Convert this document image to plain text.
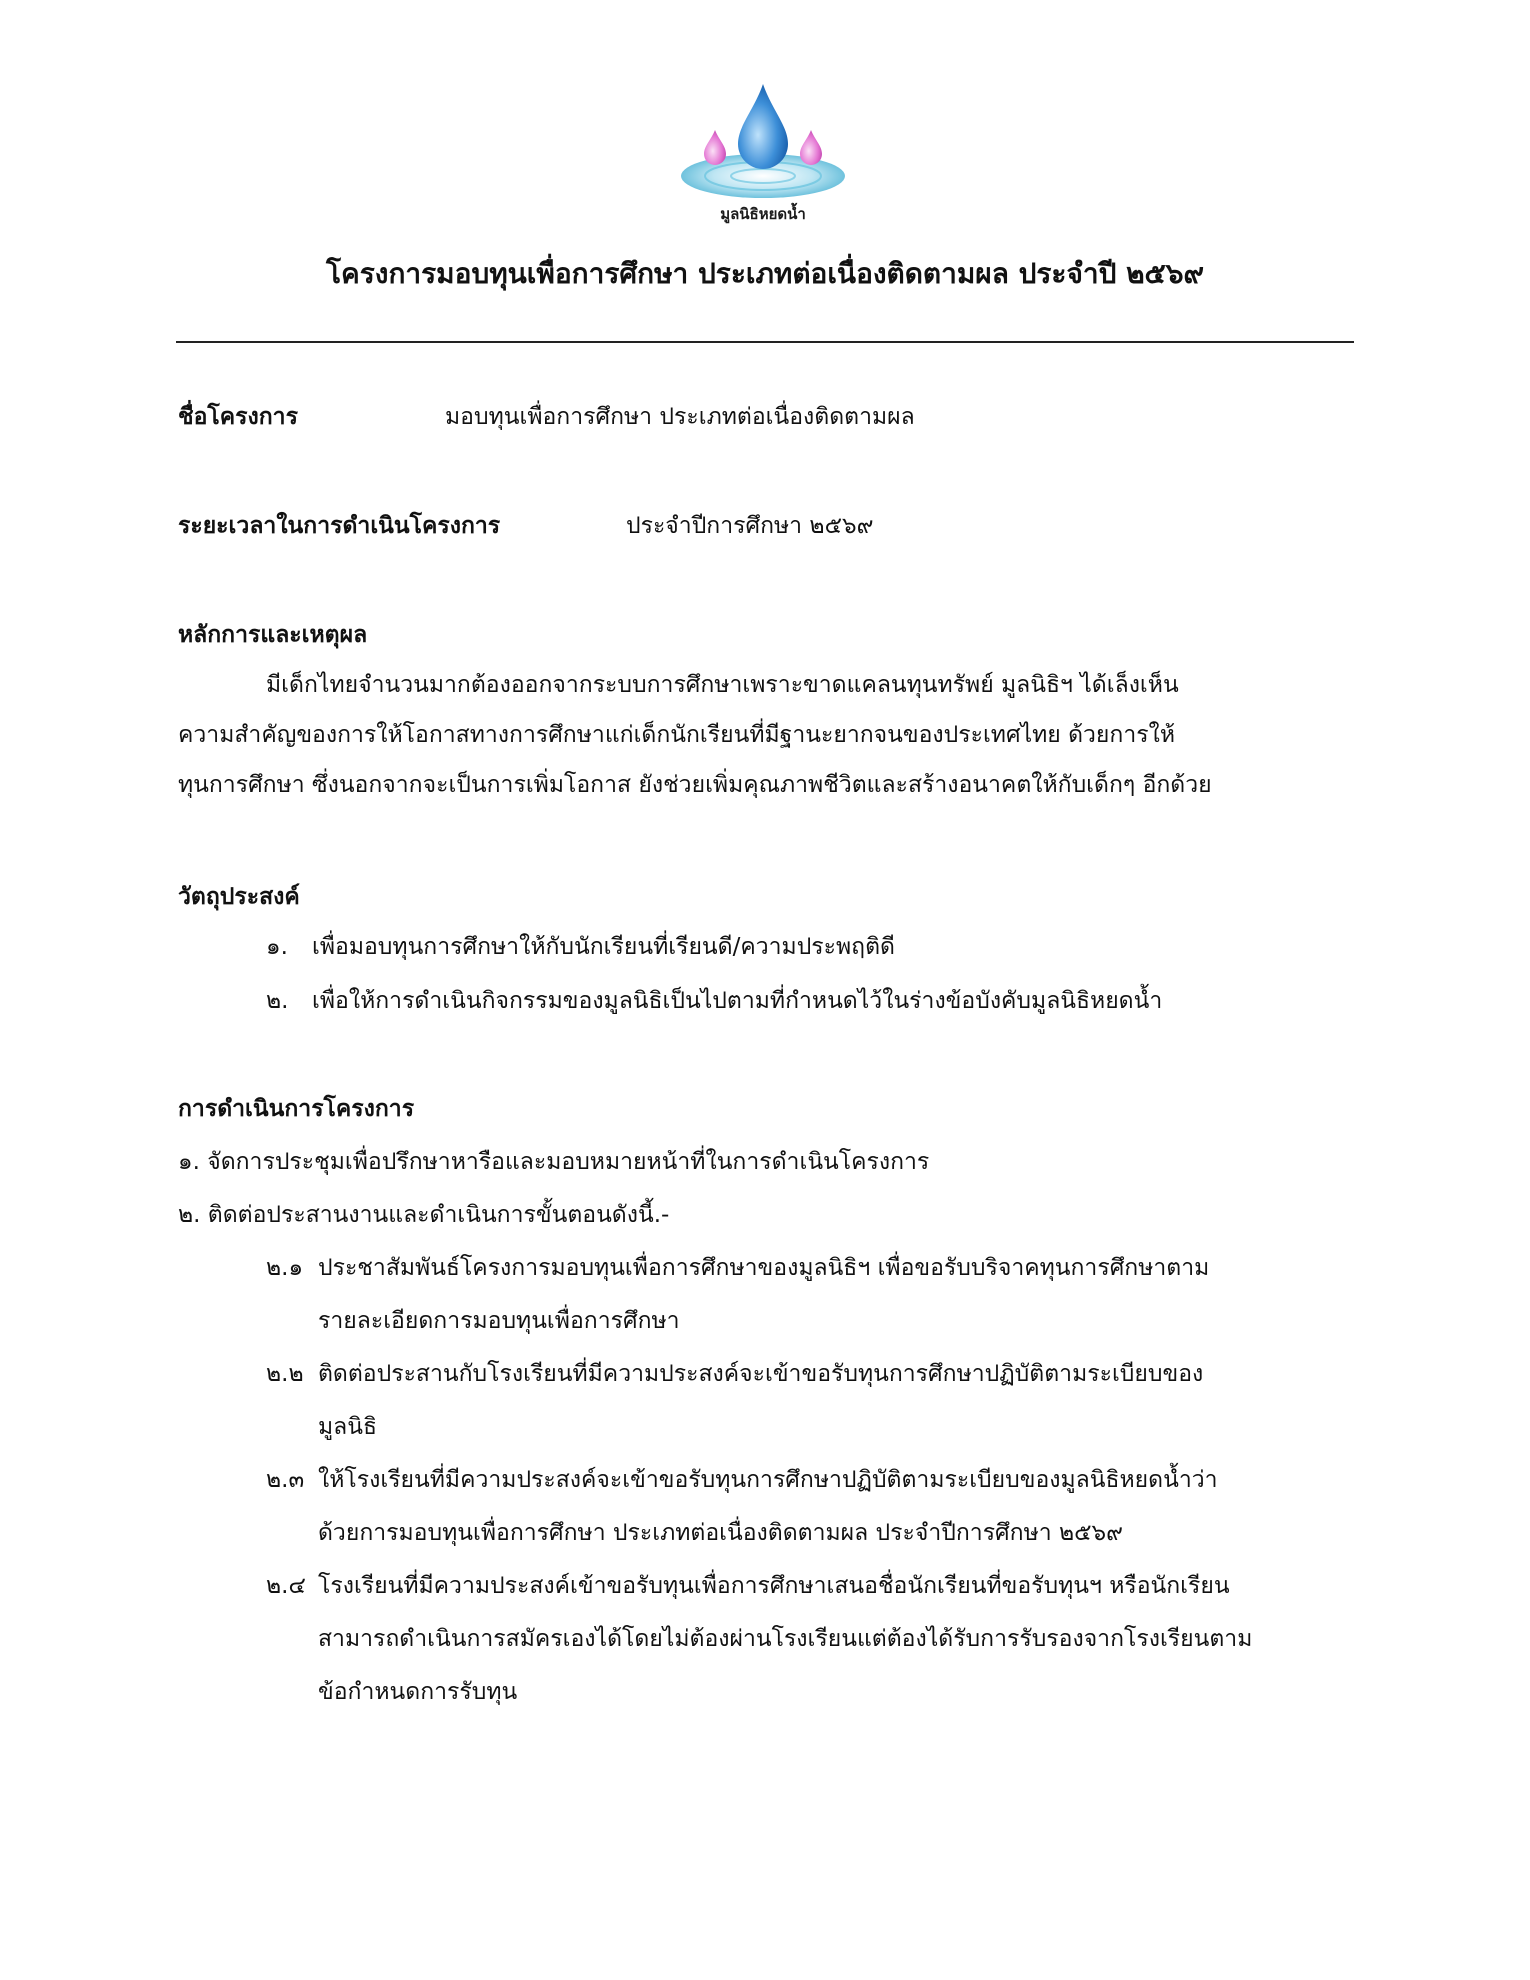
มูลนิธิหยดน้ำ
โครงการมอบทุนเพื่อการศึกษา ประเภทต่อเนื่องติดตามผล ประจำปี ๒๕๖๙
ชื่อโครงการ	มอบทุนเพื่อการศึกษา ประเภทต่อเนื่องติดตามผล
ระยะเวลาในการดำเนินโครงการ	ประจำปีการศึกษา ๒๕๖๙
หลักการและเหตุผล
มีเด็กไทยจำนวนมากต้องออกจากระบบการศึกษาเพราะขาดแคลนทุนทรัพย์ มูลนิธิฯ ได้เล็งเห็น
ความสำคัญของการให้โอกาสทางการศึกษาแก่เด็กนักเรียนที่มีฐานะยากจนของประเทศไทย ด้วยการให้
ทุนการศึกษา ซึ่งนอกจากจะเป็นการเพิ่มโอกาส ยังช่วยเพิ่มคุณภาพชีวิตและสร้างอนาคตให้กับเด็กๆ อีกด้วย
วัตถุประสงค์
๑. เพื่อมอบทุนการศึกษาให้กับนักเรียนที่เรียนดี/ความประพฤติดี
๒. เพื่อให้การดำเนินกิจกรรมของมูลนิธิเป็นไปตามที่กำหนดไว้ในร่างข้อบังคับมูลนิธิหยดน้ำ
การดำเนินการโครงการ
๑. จัดการประชุมเพื่อปรึกษาหารือและมอบหมายหน้าที่ในการดำเนินโครงการ
๒. ติดต่อประสานงานและดำเนินการขั้นตอนดังนี้.-
๒.๑ ประชาสัมพันธ์โครงการมอบทุนเพื่อการศึกษาของมูลนิธิฯ เพื่อขอรับบริจาคทุนการศึกษาตาม
รายละเอียดการมอบทุนเพื่อการศึกษา
๒.๒ ติดต่อประสานกับโรงเรียนที่มีความประสงค์จะเข้าขอรับทุนการศึกษาปฏิบัติตามระเบียบของ
มูลนิธิ
๒.๓ ให้โรงเรียนที่มีความประสงค์จะเข้าขอรับทุนการศึกษาปฏิบัติตามระเบียบของมูลนิธิหยดน้ำว่า
ด้วยการมอบทุนเพื่อการศึกษา ประเภทต่อเนื่องติดตามผล ประจำปีการศึกษา ๒๕๖๙
๒.๔ โรงเรียนที่มีความประสงค์เข้าขอรับทุนเพื่อการศึกษาเสนอชื่อนักเรียนที่ขอรับทุนฯ หรือนักเรียน
สามารถดำเนินการสมัครเองได้โดยไม่ต้องผ่านโรงเรียนแต่ต้องได้รับการรับรองจากโรงเรียนตาม
ข้อกำหนดการรับทุน
